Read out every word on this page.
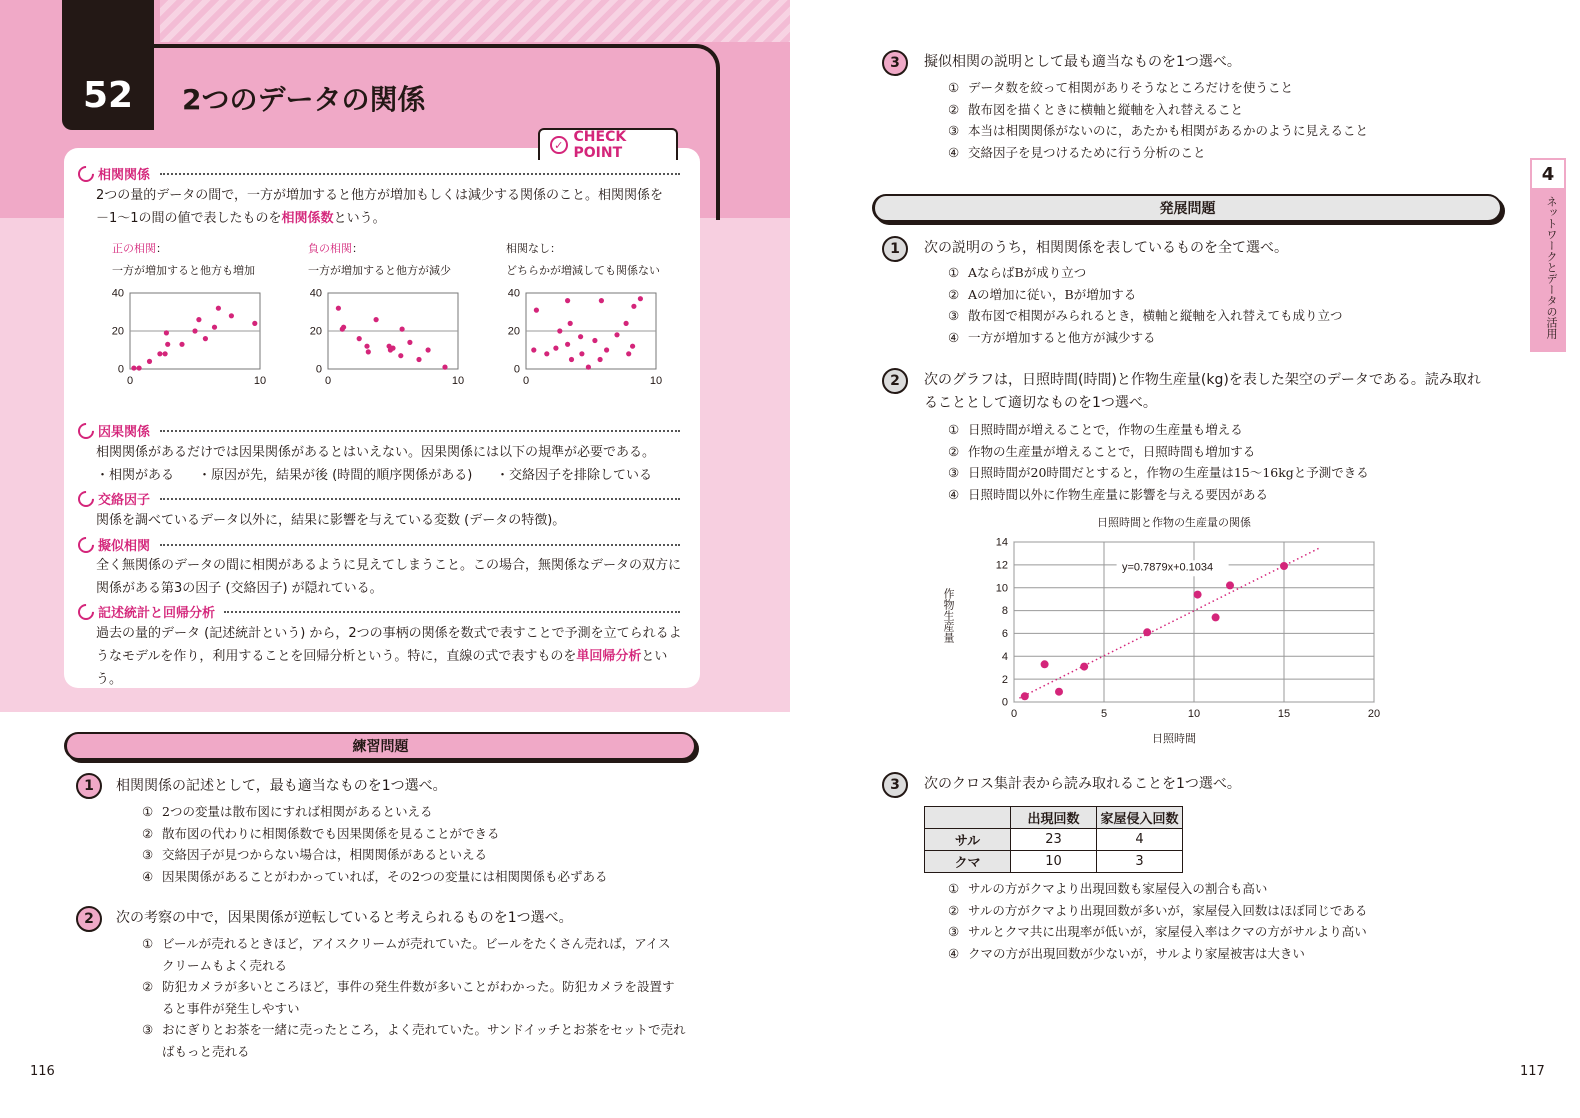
52	2つのデータの関係
✓ CHECK POINT
相関関係
2つの量的データの間で，一方が増加すると他方が増加もしくは減少する関係のこと。相関関係を
－1～1の間の値で表したものを相関係数という。
正の相関：
一方が増加すると他方も増加
負の相関：
一方が増加すると他方が減少
相関なし：
どちらかが増減しても関係ない
0
20
40
0	10
0
20
40
0	10
0
20
40
0	10
因果関係
相関関係があるだけでは因果関係があるとはいえない。因果関係には以下の規準が必要である。
・相関がある ・原因が先，結果が後 (時間的順序関係がある) ・交絡因子を排除している
交絡因子
関係を調べているデータ以外に，結果に影響を与えている変数 (データの特徴)。
擬似相関
全く無関係のデータの間に相関があるように見えてしまうこと。この場合，無関係なデータの双方に
関係がある第3の因子 (交絡因子) が隠れている。
記述統計と回帰分析
過去の量的データ (記述統計という) から，2つの事柄の関係を数式で表すことで予測を立てられるよ
うなモデルを作り，利用することを回帰分析という。特に，直線の式で表すものを単回帰分析という。
練習問題
1	相関関係の記述として，最も適当なものを1つ選べ。
① 2つの変量は散布図にすれば相関があるといえる
② 散布図の代わりに相関係数でも因果関係を見ることができる
③ 交絡因子が見つからない場合は，相関関係があるといえる
④ 因果関係があることがわかっていれば，その2つの変量には相関関係も必ずある
2	次の考察の中で，因果関係が逆転していると考えられるものを1つ選べ。
① ビールが売れるときほど，アイスクリームが売れていた。ビールをたくさん売れば，アイス
クリームもよく売れる
② 防犯カメラが多いところほど，事件の発生件数が多いことがわかった。防犯カメラを設置す
ると事件が発生しやすい
③ おにぎりとお茶を一緒に売ったところ，よく売れていた。サンドイッチとお茶をセットで売れ
ばもっと売れる
116
3	擬似相関の説明として最も適当なものを1つ選べ。
① データ数を絞って相関がありそうなところだけを使うこと
② 散布図を描くときに横軸と縦軸を入れ替えること
③ 本当は相関関係がないのに，あたかも相関があるかのように見えること
④ 交絡因子を見つけるために行う分析のこと
発展問題
1	次の説明のうち，相関関係を表しているものを全て選べ。
① AならばBが成り立つ
② Aの増加に従い，Bが増加する
③ 散布図で相関がみられるとき，横軸と縦軸を入れ替えても成り立つ
④ 一方が増加すると他方が減少する
2	次のグラフは，日照時間(時間)と作物生産量(kg)を表した架空のデータである。読み取れ
ることとして適切なものを1つ選べ。
① 日照時間が増えることで，作物の生産量も増える
② 作物の生産量が増えることで，日照時間も増加する
③ 日照時間が20時間だとすると，作物の生産量は15～16kgと予測できる
④ 日照時間以外に作物生産量に影響を与える要因がある
0
2
4
6
8
10
12
14
0	5	10	15	20
y=0.7879x+0.1034
日照時間と作物の生産量の関係
日照時間
作物生産量
3	次のクロス集計表から読み取れることを1つ選べ。
	出現回数	家屋侵入回数
サル	23	4
クマ	10	3
① サルの方がクマより出現回数も家屋侵入の割合も高い
② サルの方がクマより出現回数が多いが，家屋侵入回数はほぼ同じである
③ サルとクマ共に出現率が低いが，家屋侵入率はクマの方がサルより高い
④ クマの方が出現回数が少ないが，サルより家屋被害は大きい
4
ネットワークとデータの活用
117
